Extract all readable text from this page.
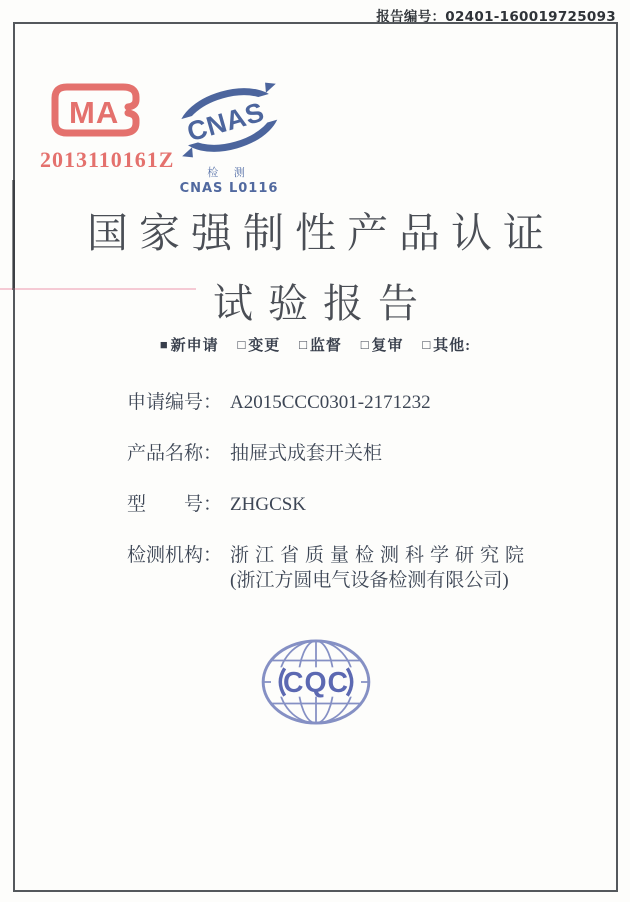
报告编号：02401-160019725093
MA
2013110161Z
CNAS
检 测
CNAS L0116
国家强制性产品认证
试验报告
■ 新申请 □ 变更 □ 监督 □ 复审 □ 其他:
申请编号： A2015CCC0301-2171232
产品名称： 抽屉式成套开关柜
型　　号： ZHGCSK
检测机构： 浙江省质量检测科学研究院
(浙江方圆电气设备检测有限公司)
CQC
